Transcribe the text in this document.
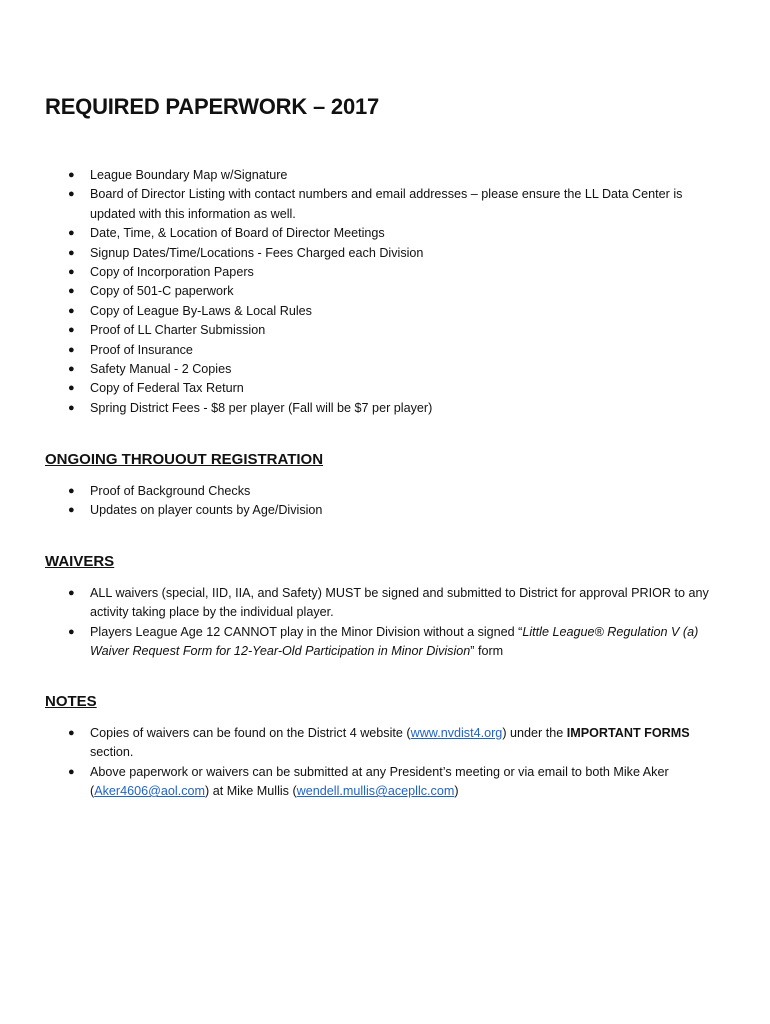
REQUIRED PAPERWORK – 2017
● League Boundary Map w/Signature
● Board of Director Listing with contact numbers and email addresses – please ensure the LL Data Center is updated with this information as well.
● Date, Time, & Location of Board of Director Meetings
● Signup Dates/Time/Locations - Fees Charged each Division
● Copy of Incorporation Papers
● Copy of 501-C paperwork
● Copy of League By-Laws & Local Rules
● Proof of LL Charter Submission
● Proof of Insurance
● Safety Manual - 2 Copies
● Copy of Federal Tax Return
● Spring District Fees - $8 per player (Fall will be $7 per player)
ONGOING THROUOUT REGISTRATION
● Proof of Background Checks
● Updates on player counts by Age/Division
WAIVERS
● ALL waivers (special, IID, IIA, and Safety) MUST be signed and submitted to District for approval PRIOR to any
activity taking place by the individual player.
● Players League Age 12 CANNOT play in the Minor Division without a signed “Little League® Regulation V (a)
Waiver Request Form for 12-Year-Old Participation in Minor Division” form
NOTES
● Copies of waivers can be found on the District 4 website (www.nvdist4.org) under the IMPORTANT FORMS
section.
● Above paperwork or waivers can be submitted at any President’s meeting or via email to both Mike Aker
(Aker4606@aol.com) at Mike Mullis (wendell.mullis@acepllc.com)
